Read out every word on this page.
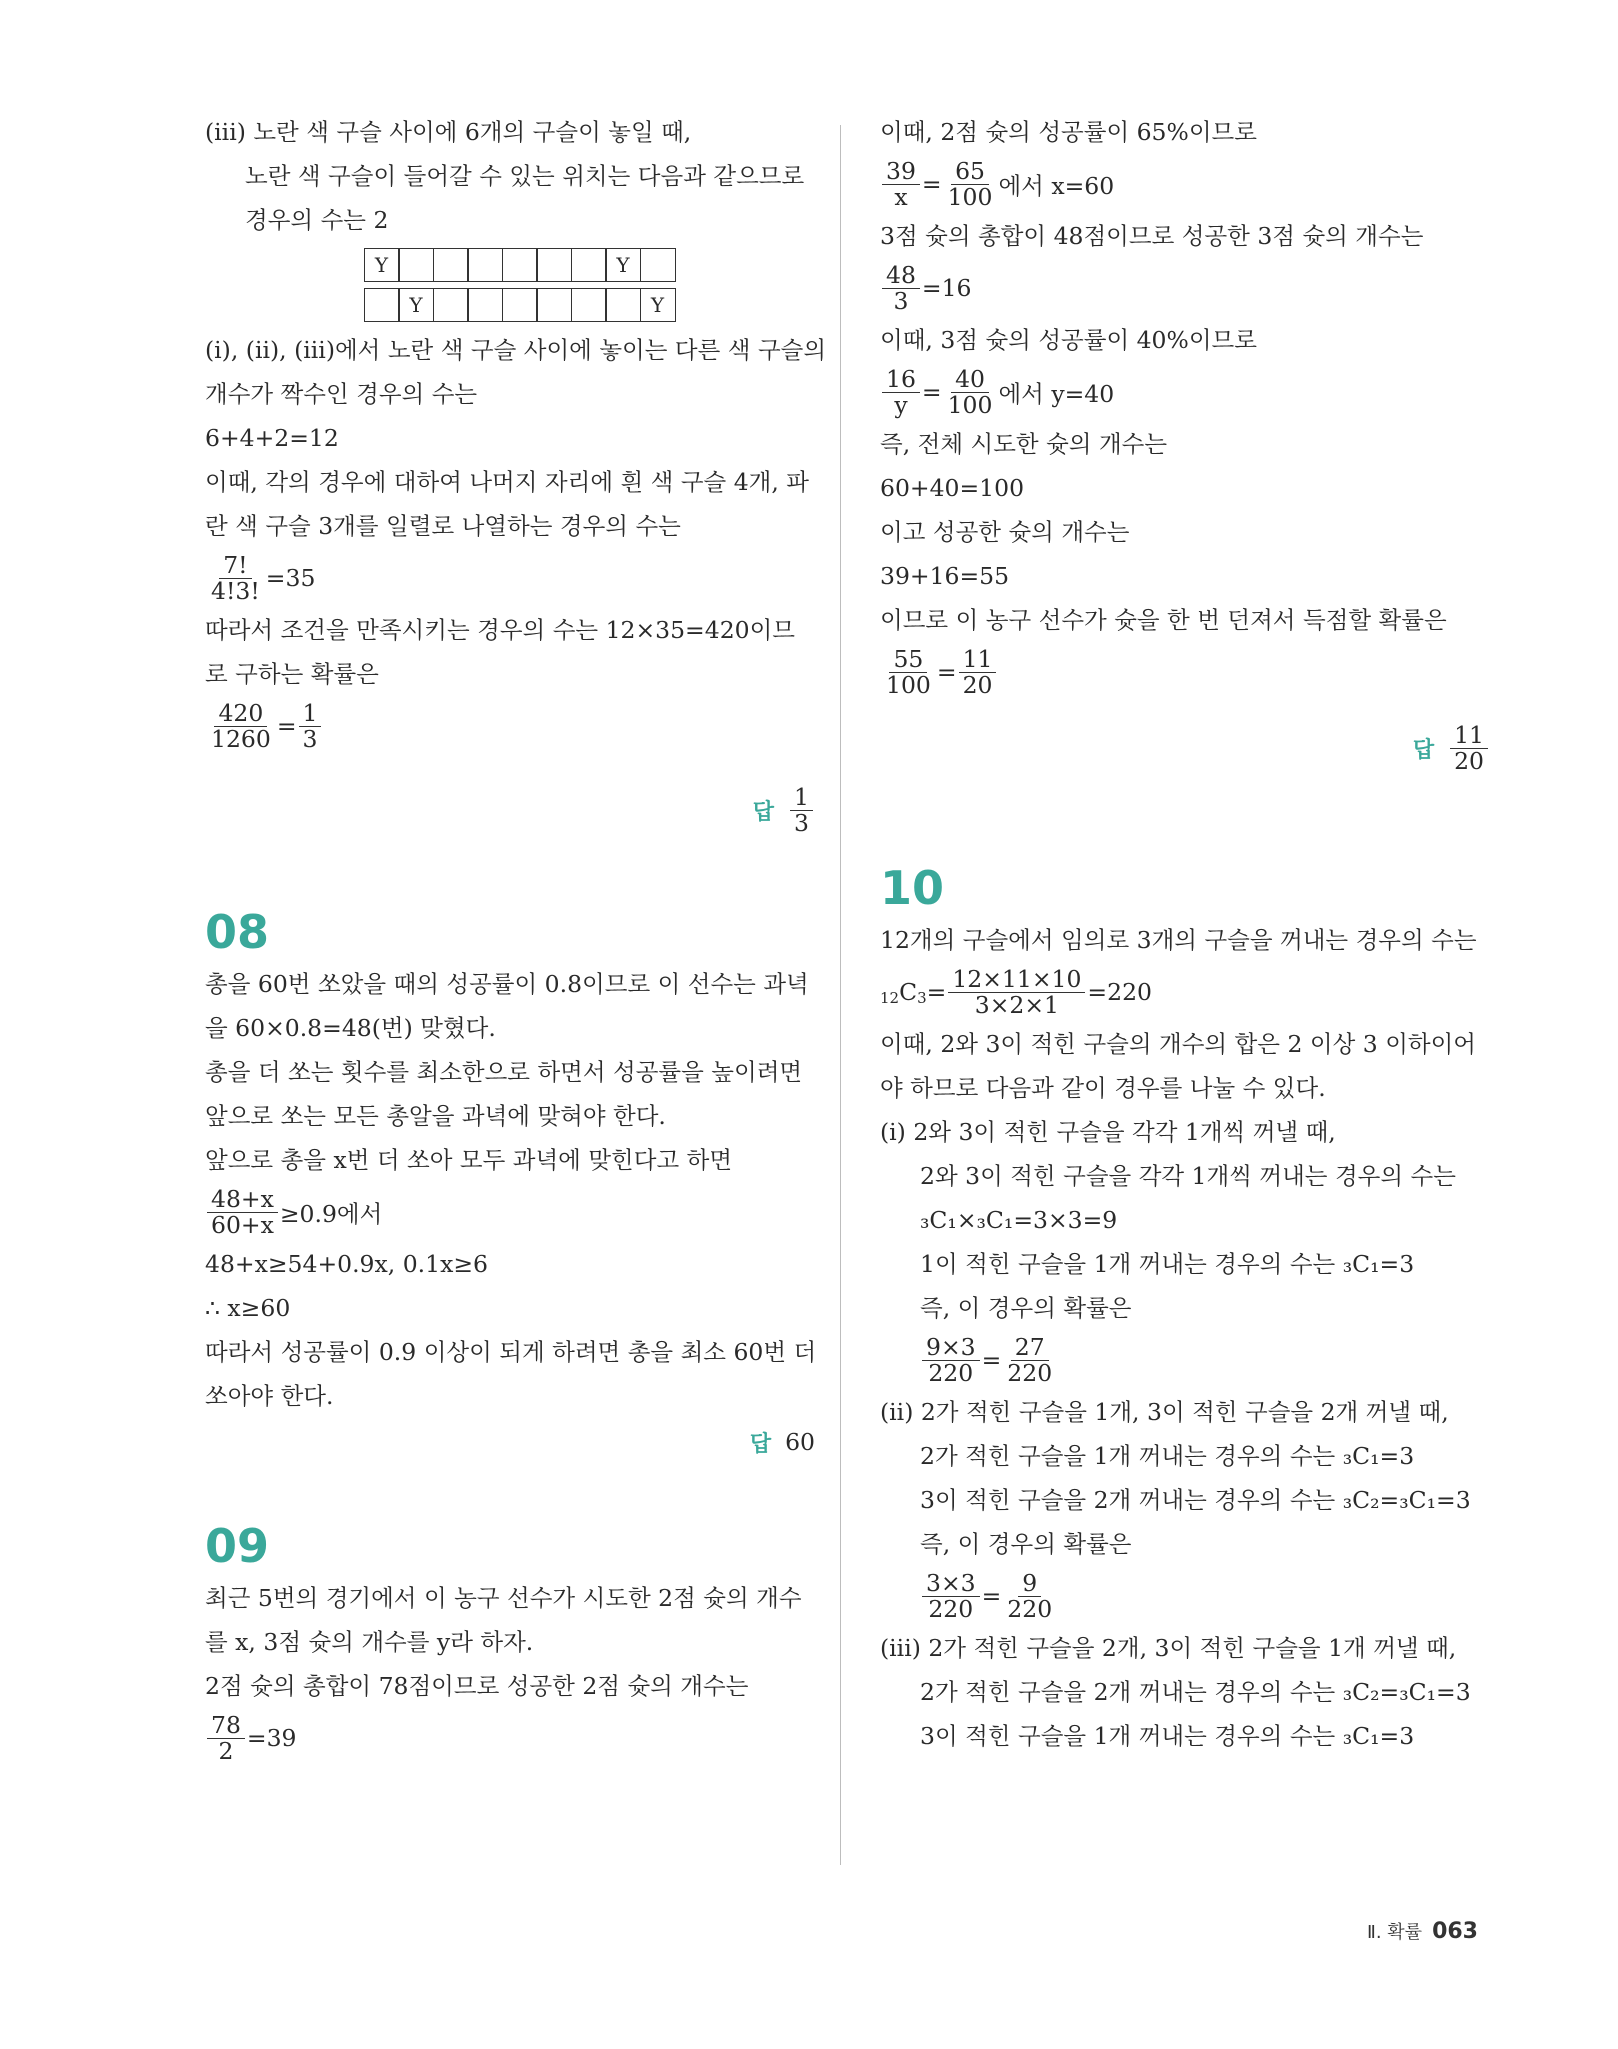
(iii) 노란 색 구슬 사이에 6개의 구슬이 놓일 때,
노란 색 구슬이 들어갈 수 있는 위치는 다음과 같으므로
경우의 수는 2
Y	Y
Y	Y
(i), (ii), (iii)에서 노란 색 구슬 사이에 놓이는 다른 색 구슬의
개수가 짝수인 경우의 수는
6+4+2=12
이때, 각의 경우에 대하여 나머지 자리에 흰 색 구슬 4개, 파
란 색 구슬 3개를 일렬로 나열하는 경우의 수는
$\frac{7!}{4!3!} =35$
따라서 조건을 만족시키는 경우의 수는 12×35=420이므
로 구하는 확률은
$\frac{420}{1260} = \frac{1}{3}$
답 $\frac{1}{3}$
08
총을 60번 쏘았을 때의 성공률이 0.8이므로 이 선수는 과녁
을 60×0.8=48(번) 맞혔다.
총을 더 쏘는 횟수를 최소한으로 하면서 성공률을 높이려면
앞으로 쏘는 모든 총알을 과녁에 맞혀야 한다.
앞으로 총을 x번 더 쏘아 모두 과녁에 맞힌다고 하면
$\frac{48+x}{60+x} \ge 0.9$에서
48+x≥54+0.9x, 0.1x≥6
∴ x≥60
따라서 성공률이 0.9 이상이 되게 하려면 총을 최소 60번 더
쏘아야 한다.
답 60
09
최근 5번의 경기에서 이 농구 선수가 시도한 2점 슛의 개수
를 x, 3점 슛의 개수를 y라 하자.
2점 슛의 총합이 78점이므로 성공한 2점 슛의 개수는
$\frac{78}{2} =39$
이때, 2점 슛의 성공률이 65%이므로
$\frac{39}{x} = \frac{65}{100}$ 에서 x=60
3점 슛의 총합이 48점이므로 성공한 3점 슛의 개수는
$\frac{48}{3} =16$
이때, 3점 슛의 성공률이 40%이므로
$\frac{16}{y} = \frac{40}{100}$ 에서 y=40
즉, 전체 시도한 슛의 개수는
60+40=100
이고 성공한 슛의 개수는
39+16=55
이므로 이 농구 선수가 슛을 한 번 던져서 득점할 확률은
$\frac{55}{100} = \frac{11}{20}$
답 $\frac{11}{20}$
10
12개의 구슬에서 임의로 3개의 구슬을 꺼내는 경우의 수는
12 C $3 = \frac{12\times 11\times 10}{3\times 2\times 1} =220$
이때, 2와 3이 적힌 구슬의 개수의 합은 2 이상 3 이하이어
야 하므로 다음과 같이 경우를 나눌 수 있다.
(i) 2와 3이 적힌 구슬을 각각 1개씩 꺼낼 때,
2와 3이 적힌 구슬을 각각 1개씩 꺼내는 경우의 수는
₃C₁×₃C₁=3×3=9
1이 적힌 구슬을 1개 꺼내는 경우의 수는 ₃C₁=3
즉, 이 경우의 확률은
$\frac{9\times 3}{220} = \frac{27}{220}$
(ii) 2가 적힌 구슬을 1개, 3이 적힌 구슬을 2개 꺼낼 때,
2가 적힌 구슬을 1개 꺼내는 경우의 수는 ₃C₁=3
3이 적힌 구슬을 2개 꺼내는 경우의 수는 ₃C₂=₃C₁=3
즉, 이 경우의 확률은
$\frac{3\times 3}{220} = \frac{9}{220}$
(iii) 2가 적힌 구슬을 2개, 3이 적힌 구슬을 1개 꺼낼 때,
2가 적힌 구슬을 2개 꺼내는 경우의 수는 ₃C₂=₃C₁=3
3이 적힌 구슬을 1개 꺼내는 경우의 수는 ₃C₁=3
Ⅱ. 확률 063
